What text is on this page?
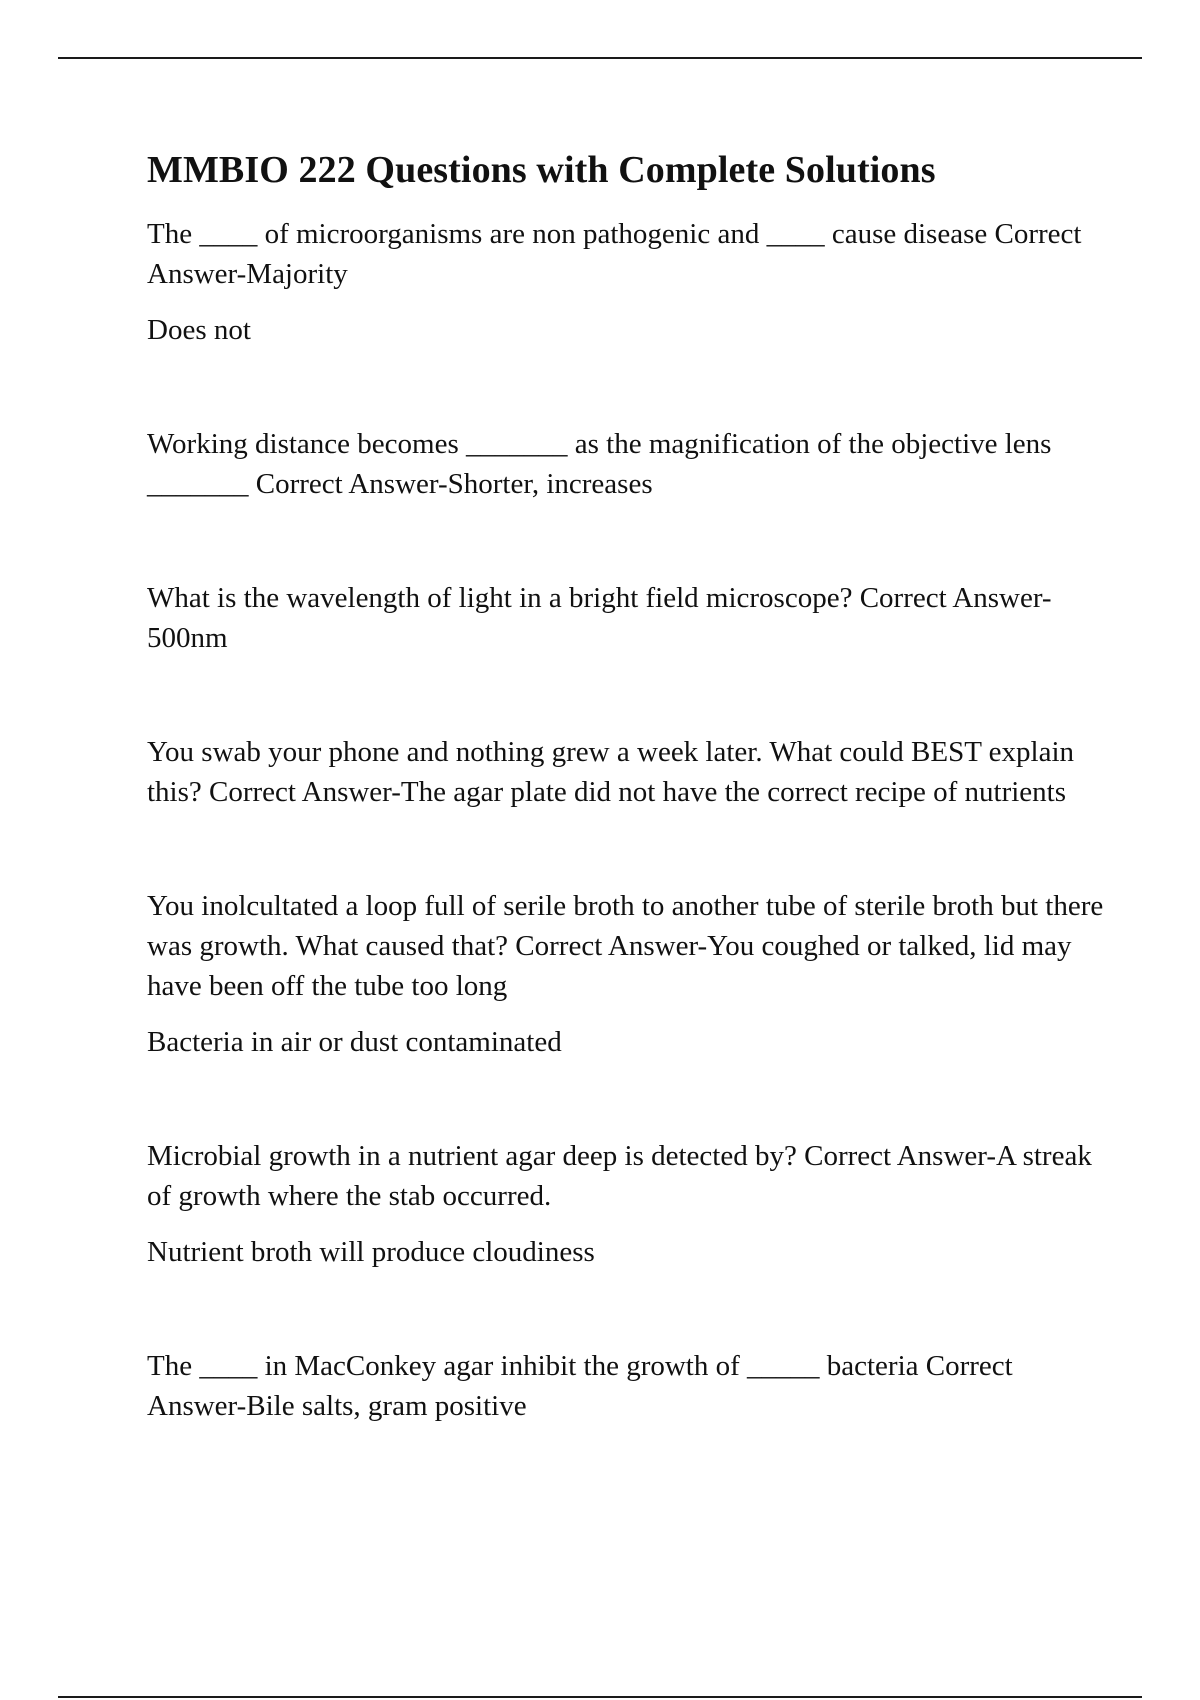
MMBIO 222 Questions with Complete Solutions

The ____ of microorganisms are non pathogenic and ____ cause disease Correct Answer-Majority

Does not

Working distance becomes _______ as the magnification of the objective lens _______ Correct Answer-Shorter, increases

What is the wavelength of light in a bright field microscope? Correct Answer-500nm

You swab your phone and nothing grew a week later. What could BEST explain this? Correct Answer-The agar plate did not have the correct recipe of nutrients

You inolcultated a loop full of serile broth to another tube of sterile broth but there was growth. What caused that? Correct Answer-You coughed or talked, lid may have been off the tube too long

Bacteria in air or dust contaminated

Microbial growth in a nutrient agar deep is detected by? Correct Answer-A streak of growth where the stab occurred.

Nutrient broth will produce cloudiness

The ____ in MacConkey agar inhibit the growth of _____ bacteria Correct Answer-Bile salts, gram positive
